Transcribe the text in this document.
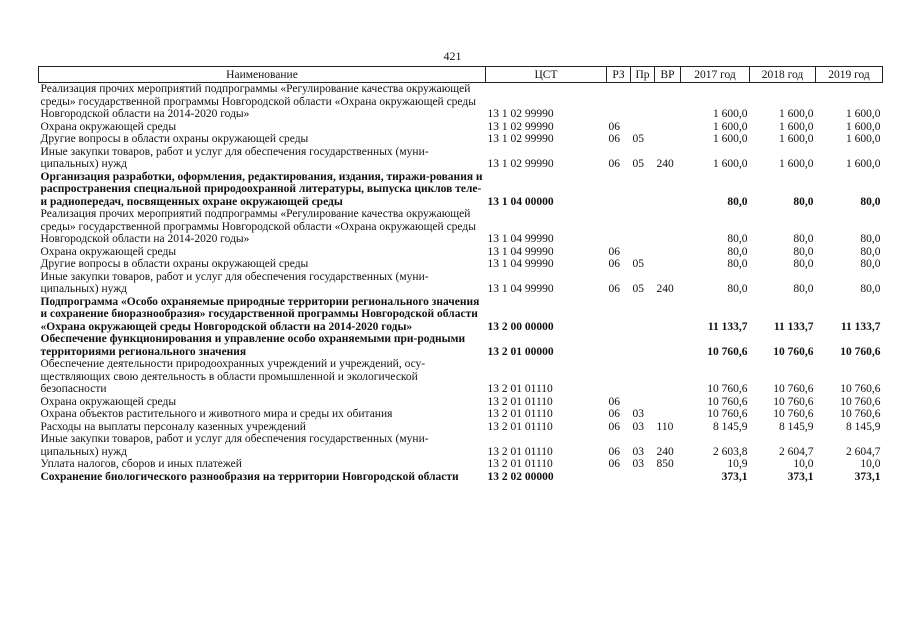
421
Наименование	ЦСТ	РЗ	Пр	ВР	2017 год	2018 год	2019 год
Реализация прочих мероприятий подпрограммы «Регулирование качества окружающей среды» государственной программы Новгородской области «Охрана окружающей среды Новгородской области на 2014-2020 годы»	13 1 02 99990				1 600,0	1 600,0	1 600,0
Охрана окружающей среды	13 1 02 99990	06			1 600,0	1 600,0	1 600,0
Другие вопросы в области охраны окружающей среды	13 1 02 99990	06	05		1 600,0	1 600,0	1 600,0
Иные закупки товаров, работ и услуг для обеспечения государственных (муни-ципальных) нужд	13 1 02 99990	06	05	240	1 600,0	1 600,0	1 600,0
Организация разработки, оформления, редактирования, издания, тиражи-рования и распространения специальной природоохранной литературы, выпуска циклов теле- и радиопередач, посвященных охране окружающей среды	13 1 04 00000				80,0	80,0	80,0
Реализация прочих мероприятий подпрограммы «Регулирование качества окружающей среды» государственной программы Новгородской области «Охрана окружающей среды Новгородской области на 2014-2020 годы»	13 1 04 99990				80,0	80,0	80,0
Охрана окружающей среды	13 1 04 99990	06			80,0	80,0	80,0
Другие вопросы в области охраны окружающей среды	13 1 04 99990	06	05		80,0	80,0	80,0
Иные закупки товаров, работ и услуг для обеспечения государственных (муни-ципальных) нужд	13 1 04 99990	06	05	240	80,0	80,0	80,0
Подпрограмма «Особо охраняемые природные территории регионального значения и сохранение биоразнообразия» государственной программы Новгородской области «Охрана окружающей среды Новгородской области на 2014-2020 годы»	13 2 00 00000				11 133,7	11 133,7	11 133,7
Обеспечение функционирования и управление особо охраняемыми при-родными территориями регионального значения	13 2 01 00000				10 760,6	10 760,6	10 760,6
Обеспечение деятельности природоохранных учреждений и учреждений, осу-ществляющих свою деятельность в области промышленной и экологической безопасности	13 2 01 01110				10 760,6	10 760,6	10 760,6
Охрана окружающей среды	13 2 01 01110	06			10 760,6	10 760,6	10 760,6
Охрана объектов растительного и животного мира и среды их обитания	13 2 01 01110	06	03		10 760,6	10 760,6	10 760,6
Расходы на выплаты персоналу казенных учреждений	13 2 01 01110	06	03	110	8 145,9	8 145,9	8 145,9
Иные закупки товаров, работ и услуг для обеспечения государственных (муни-ципальных) нужд	13 2 01 01110	06	03	240	2 603,8	2 604,7	2 604,7
Уплата налогов, сборов и иных платежей	13 2 01 01110	06	03	850	10,9	10,0	10,0
Сохранение биологического разнообразия на территории Новгородской области	13 2 02 00000				373,1	373,1	373,1
